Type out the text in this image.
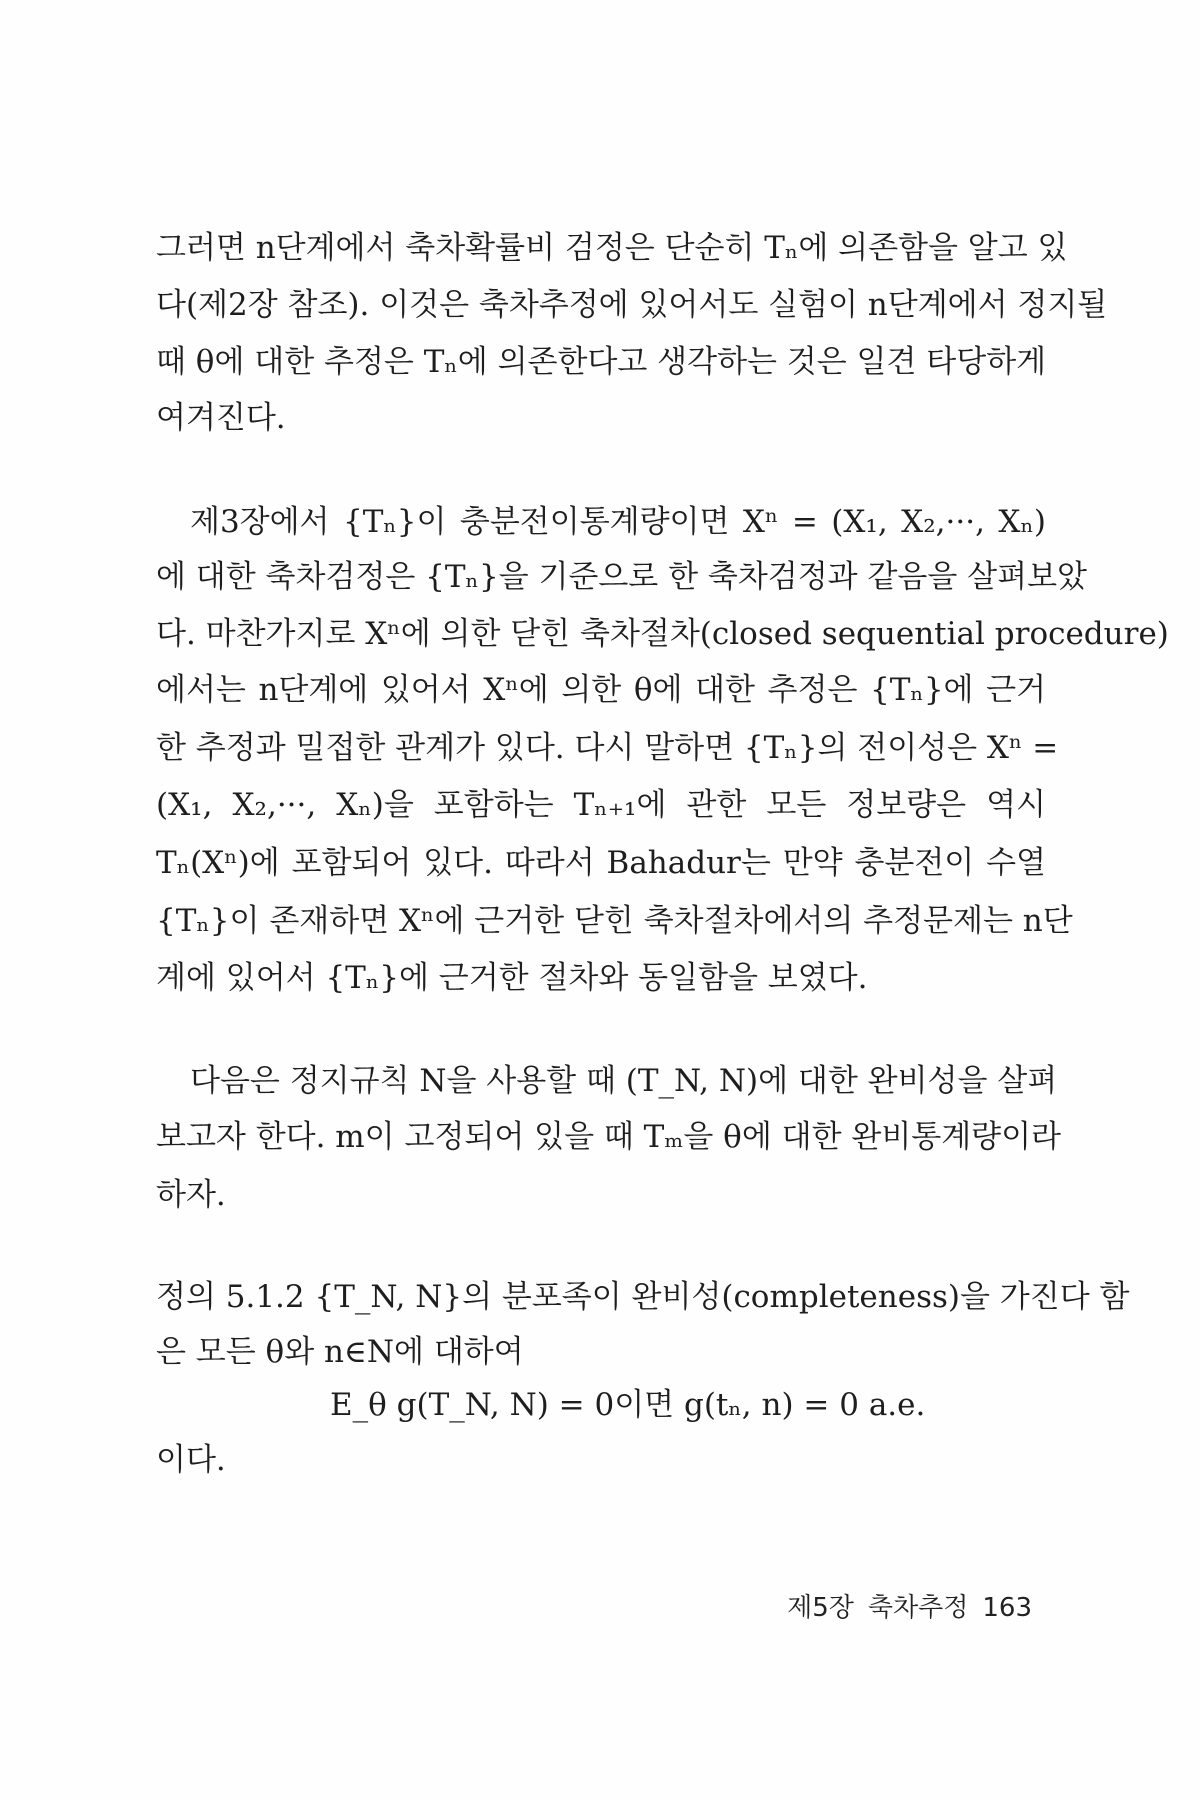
그러면 n단계에서 축차확률비 검정은 단순히 Tₙ에 의존함을 알고 있

다(제2장 참조). 이것은 축차추정에 있어서도 실험이 n단계에서 정지될

때 θ에 대한 추정은 Tₙ에 의존한다고 생각하는 것은 일견 타당하게

여겨진다.

제3장에서 {Tₙ}이 충분전이통계량이면 Xⁿ = (X₁, X₂,···, Xₙ)

에 대한 축차검정은 {Tₙ}을 기준으로 한 축차검정과 같음을 살펴보았

다. 마찬가지로 Xⁿ에 의한 닫힌 축차절차(closed sequential procedure)

에서는 n단계에 있어서 Xⁿ에 의한 θ에 대한 추정은 {Tₙ}에 근거

한 추정과 밀접한 관계가 있다. 다시 말하면 {Tₙ}의 전이성은 Xⁿ =

(X₁, X₂,···, Xₙ)을 포함하는 Tₙ₊₁에 관한 모든 정보량은 역시

Tₙ(Xⁿ)에 포함되어 있다. 따라서 Bahadur는 만약 충분전이 수열

{Tₙ}이 존재하면 Xⁿ에 근거한 닫힌 축차절차에서의 추정문제는 n단

계에 있어서 {Tₙ}에 근거한 절차와 동일함을 보였다.

다음은 정지규칙 N을 사용할 때 (T_N, N)에 대한 완비성을 살펴

보고자 한다. m이 고정되어 있을 때 Tₘ을 θ에 대한 완비통계량이라

하자.

정의 5.1.2 {T_N, N}의 분포족이 완비성(completeness)을 가진다 함

은 모든 θ와 n∈N에 대하여

E_θ g(T_N, N) = 0이면 g(tₙ, n) = 0 a.e.

이다.

제5장 축차추정 163
